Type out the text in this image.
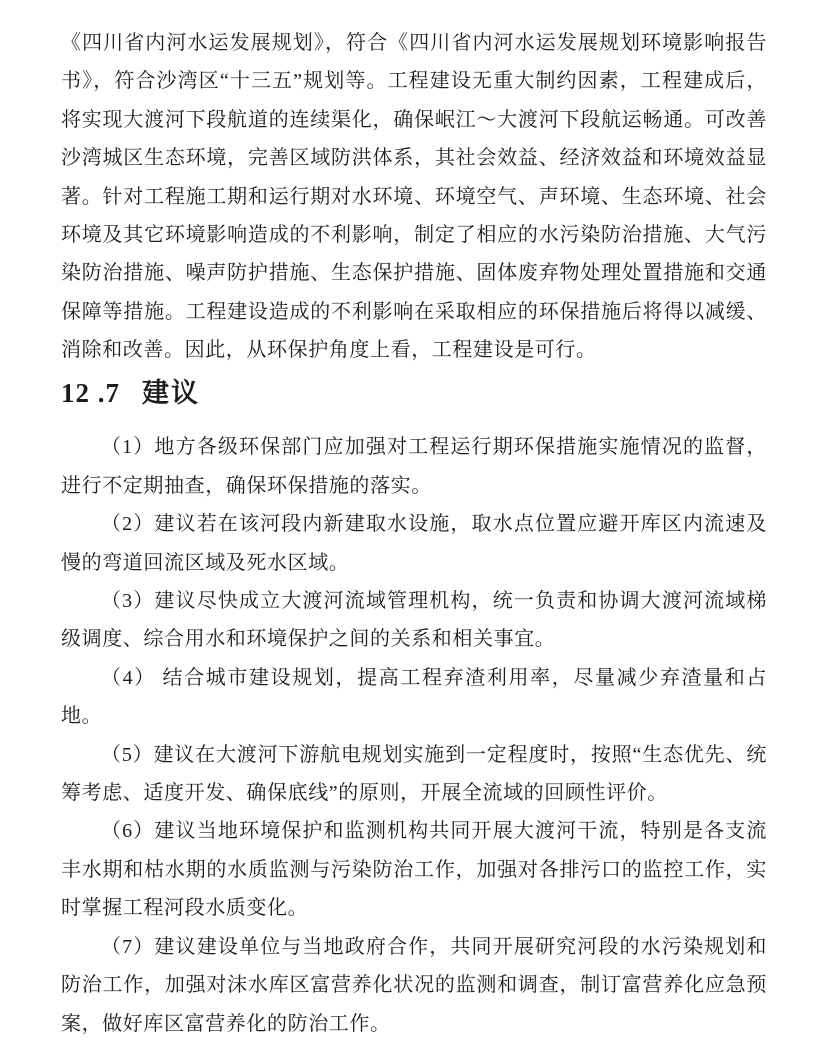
《四川省内河水运发展规划》，符合《四川省内河水运发展规划环境影响报告书》，符合沙湾区“十三五”规划等。工程建设无重大制约因素，工程建成后，将实现大渡河下段航道的连续渠化，确保岷江～大渡河下段航运畅通。可改善沙湾城区生态环境，完善区域防洪体系，其社会效益、经济效益和环境效益显著。针对工程施工期和运行期对水环境、环境空气、声环境、生态环境、社会环境及其它环境影响造成的不利影响，制定了相应的水污染防治措施、大气污染防治措施、噪声防护措施、生态保护措施、固体废弃物处理处置措施和交通保障等措施。工程建设造成的不利影响在采取相应的环保措施后将得以减缓、消除和改善。因此，从环保护角度上看，工程建设是可行。

12 .7 建议

（1）地方各级环保部门应加强对工程运行期环保措施实施情况的监督，进行不定期抽查，确保环保措施的落实。

（2）建议若在该河段内新建取水设施，取水点位置应避开库区内流速及慢的弯道回流区域及死水区域。

（3）建议尽快成立大渡河流域管理机构，统一负责和协调大渡河流域梯级调度、综合用水和环境保护之间的关系和相关事宜。

（4） 结合城市建设规划，提高工程弃渣利用率，尽量减少弃渣量和占地。

（5）建议在大渡河下游航电规划实施到一定程度时，按照“生态优先、统筹考虑、适度开发、确保底线”的原则，开展全流域的回顾性评价。

（6）建议当地环境保护和监测机构共同开展大渡河干流，特别是各支流丰水期和枯水期的水质监测与污染防治工作，加强对各排污口的监控工作，实时掌握工程河段水质变化。

（7）建议建设单位与当地政府合作，共同开展研究河段的水污染规划和防治工作，加强对沫水库区富营养化状况的监测和调查，制订富营养化应急预案，做好库区富营养化的防治工作。
